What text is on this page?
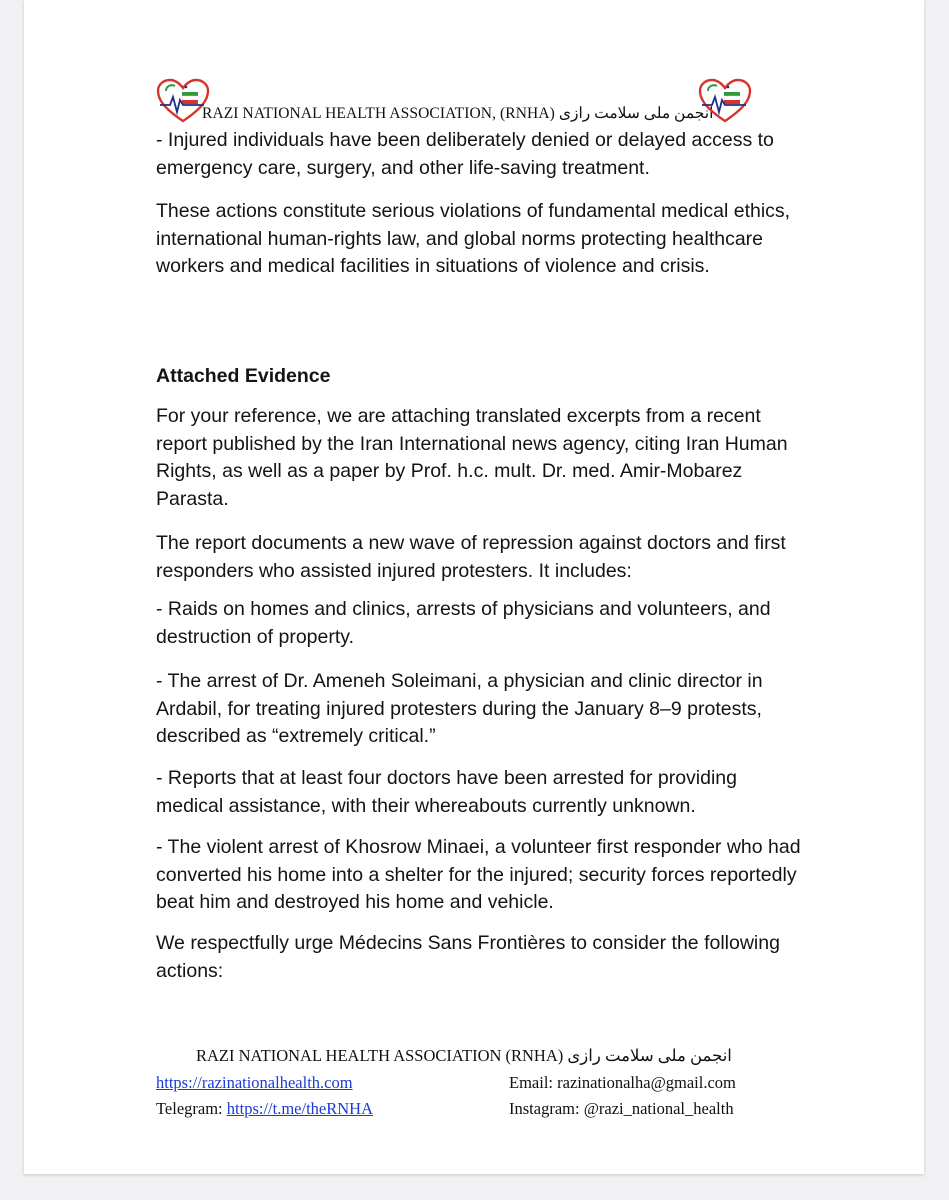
RAZI NATIONAL HEALTH ASSOCIATION, (RNHA) انجمن ملی سلامت رازی

- Injured individuals have been deliberately denied or delayed access to emergency care, surgery, and other life-saving treatment.

These actions constitute serious violations of fundamental medical ethics, international human-rights law, and global norms protecting healthcare workers and medical facilities in situations of violence and crisis.

Attached Evidence

For your reference, we are attaching translated excerpts from a recent report published by the Iran International news agency, citing Iran Human Rights, as well as a paper by Prof. h.c. mult. Dr. med. Amir-Mobarez Parasta.

The report documents a new wave of repression against doctors and first responders who assisted injured protesters. It includes:

- Raids on homes and clinics, arrests of physicians and volunteers, and destruction of property.

- The arrest of Dr. Ameneh Soleimani, a physician and clinic director in Ardabil, for treating injured protesters during the January 8–9 protests, described as “extremely critical.”

- Reports that at least four doctors have been arrested for providing medical assistance, with their whereabouts currently unknown.

- The violent arrest of Khosrow Minaei, a volunteer first responder who had converted his home into a shelter for the injured; security forces reportedly beat him and destroyed his home and vehicle.

We respectfully urge Médecins Sans Frontières to consider the following actions:

RAZI NATIONAL HEALTH ASSOCIATION (RNHA) انجمن ملی سلامت رازی
https://razinationalhealth.com	Email: razinationalha@gmail.com
Telegram: https://t.me/theRNHA	Instagram: @razi_national_health
